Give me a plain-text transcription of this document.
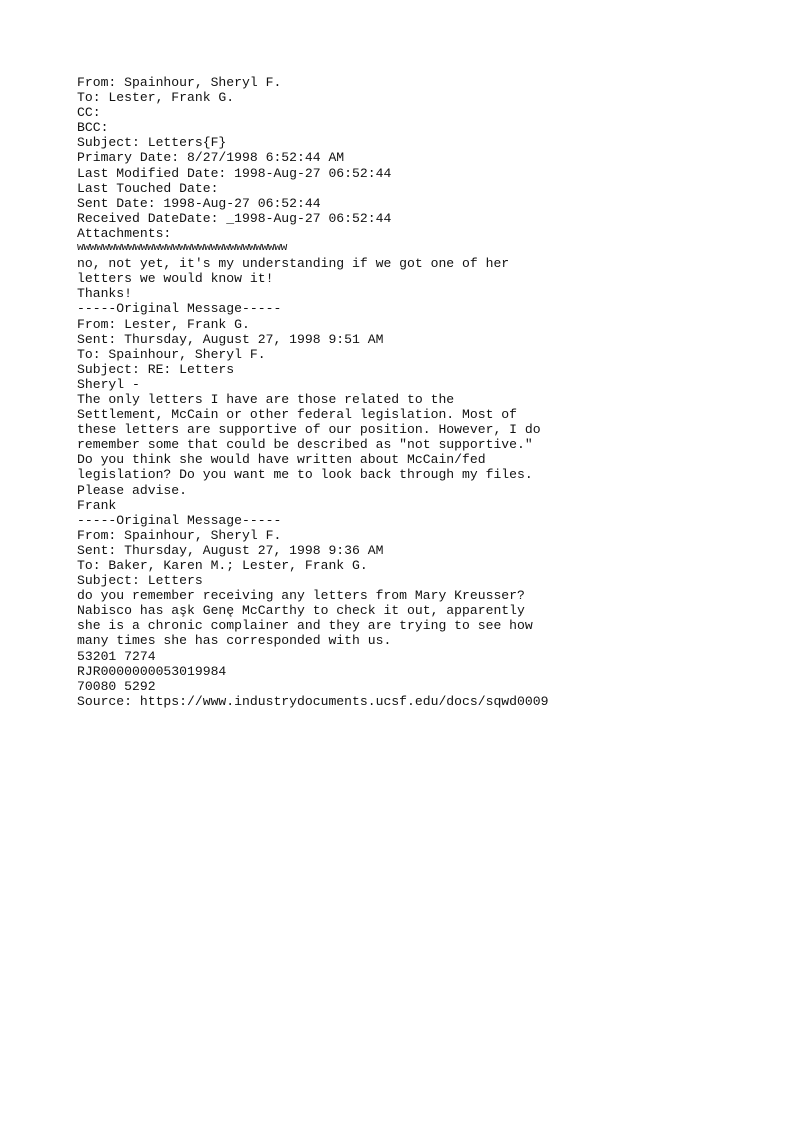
From: Spainhour, Sheryl F.
To: Lester, Frank G.
CC:
BCC:
Subject: Letters{F}
Primary Date: 8/27/1998 6:52:44 AM
Last Modified Date: 1998-Aug-27 06:52:44
Last Touched Date:
Sent Date: 1998-Aug-27 06:52:44
Received DateDate: _1998-Aug-27 06:52:44
Attachments:
wwwwwwwwwwwwwwwwwwwwwwwwwwwwwwwww
no, not yet, it's my understanding if we got one of her
letters we would know it!
Thanks!
-----Original Message-----
From: Lester, Frank G.
Sent: Thursday, August 27, 1998 9:51 AM
To: Spainhour, Sheryl F.
Subject: RE: Letters
Sheryl -
The only letters I have are those related to the
Settlement, McCain or other federal legislation. Most of
these letters are supportive of our position. However, I do
remember some that could be described as "not supportive."
Do you think she would have written about McCain/fed
legislation? Do you want me to look back through my files.
Please advise.
Frank
-----Original Message-----
From: Spainhour, Sheryl F.
Sent: Thursday, August 27, 1998 9:36 AM
To: Baker, Karen M.; Lester, Frank G.
Subject: Letters
do you remember receiving any letters from Mary Kreusser?
Nabisco has aşk Genę McCarthy to check it out, apparently
she is a chronic complainer and they are trying to see how
many times she has corresponded with us.
53201 7274
RJR0000000053019984
70080 5292
Source: https://www.industrydocuments.ucsf.edu/docs/sqwd0009
